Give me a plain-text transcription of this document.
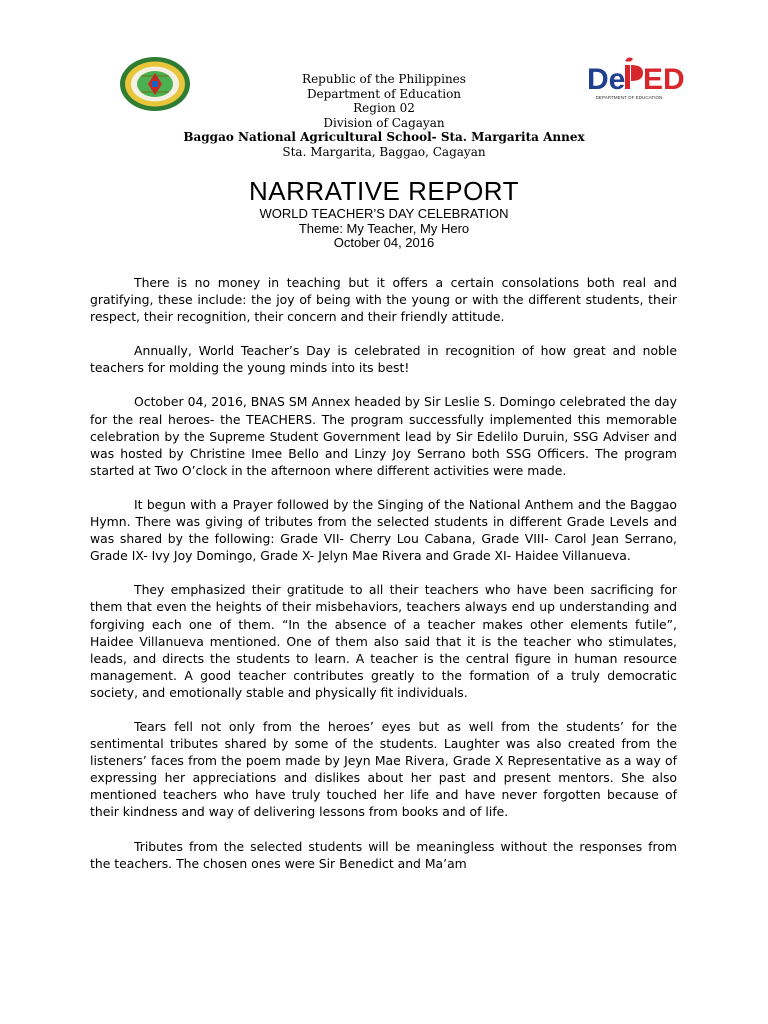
De ED
DEPARTMENT OF EDUCATION
Republic of the Philippines
Department of Education
Region 02
Division of Cagayan
Baggao National Agricultural School- Sta. Margarita Annex
Sta. Margarita, Baggao, Cagayan
NARRATIVE REPORT
WORLD TEACHER’S DAY CELEBRATION
Theme: My Teacher, My Hero
October 04, 2016

There is no money in teaching but it offers a certain consolations both real and gratifying, these include: the joy of being with the young or with the different students, their respect, their recognition, their concern and their friendly attitude.

Annually, World Teacher’s Day is celebrated in recognition of how great and noble teachers for molding the young minds into its best!

October 04, 2016, BNAS SM Annex headed by Sir Leslie S. Domingo celebrated the day for the real heroes- the TEACHERS. The program successfully implemented this memorable celebration by the Supreme Student Government lead by Sir Edelilo Duruin, SSG Adviser and was hosted by Christine Imee Bello and Linzy Joy Serrano both SSG Officers. The program started at Two O’clock in the afternoon where different activities were made.

It begun with a Prayer followed by the Singing of the National Anthem and the Baggao Hymn. There was giving of tributes from the selected students in different Grade Levels and was shared by the following: Grade VII- Cherry Lou Cabana, Grade VIII- Carol Jean Serrano, Grade IX- Ivy Joy Domingo, Grade X- Jelyn Mae Rivera and Grade XI- Haidee Villanueva.

They emphasized their gratitude to all their teachers who have been sacrificing for them that even the heights of their misbehaviors, teachers always end up understanding and forgiving each one of them. “In the absence of a teacher makes other elements futile”, Haidee Villanueva mentioned. One of them also said that it is the teacher who stimulates, leads, and directs the students to learn. A teacher is the central figure in human resource management. A good teacher contributes greatly to the formation of a truly democratic society, and emotionally stable and physically fit individuals.

Tears fell not only from the heroes’ eyes but as well from the students’ for the sentimental tributes shared by some of the students. Laughter was also created from the listeners’ faces from the poem made by Jeyn Mae Rivera, Grade X Representative as a way of expressing her appreciations and dislikes about her past and present mentors. She also mentioned teachers who have truly touched her life and have never forgotten because of their kindness and way of delivering lessons from books and of life.

Tributes from the selected students will be meaningless without the responses from the teachers. The chosen ones were Sir Benedict and Ma’am
